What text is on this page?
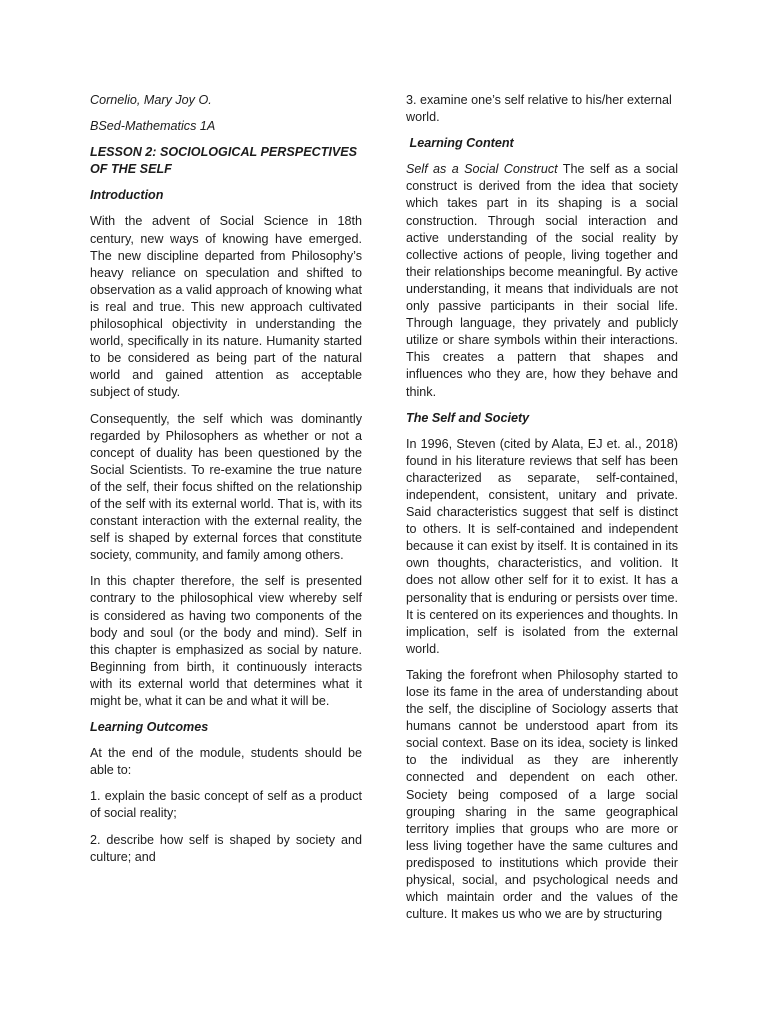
Cornelio, Mary Joy O.

BSed-Mathematics 1A

LESSON 2: SOCIOLOGICAL PERSPECTIVES OF THE SELF

Introduction

With the advent of Social Science in 18th century, new ways of knowing have emerged. The new discipline departed from Philosophy’s heavy reliance on speculation and shifted to observation as a valid approach of knowing what is real and true. This new approach cultivated philosophical objectivity in understanding the world, specifically in its nature. Humanity started to be considered as being part of the natural world and gained attention as acceptable subject of study.

Consequently, the self which was dominantly regarded by Philosophers as whether or not a concept of duality has been questioned by the Social Scientists. To re-examine the true nature of the self, their focus shifted on the relationship of the self with its external world. That is, with its constant interaction with the external reality, the self is shaped by external forces that constitute society, community, and family among others.

In this chapter therefore, the self is presented contrary to the philosophical view whereby self is considered as having two components of the body and soul (or the body and mind). Self in this chapter is emphasized as social by nature. Beginning from birth, it continuously interacts with its external world that determines what it might be, what it can be and what it will be.

Learning Outcomes

At the end of the module, students should be able to:

1. explain the basic concept of self as a product of social reality;

2. describe how self is shaped by society and culture; and

3. examine one’s self relative to his/her external world.

Learning Content

Self as a Social Construct The self as a social construct is derived from the idea that society which takes part in its shaping is a social construction. Through social interaction and active understanding of the social reality by collective actions of people, living together and their relationships become meaningful. By active understanding, it means that individuals are not only passive participants in their social life. Through language, they privately and publicly utilize or share symbols within their interactions. This creates a pattern that shapes and influences who they are, how they behave and think.

The Self and Society

In 1996, Steven (cited by Alata, EJ et. al., 2018) found in his literature reviews that self has been characterized as separate, self-contained, independent, consistent, unitary and private. Said characteristics suggest that self is distinct to others. It is self-contained and independent because it can exist by itself. It is contained in its own thoughts, characteristics, and volition. It does not allow other self for it to exist. It has a personality that is enduring or persists over time. It is centered on its experiences and thoughts. In implication, self is isolated from the external world.

Taking the forefront when Philosophy started to lose its fame in the area of understanding about the self, the discipline of Sociology asserts that humans cannot be understood apart from its social context. Base on its idea, society is linked to the individual as they are inherently connected and dependent on each other. Society being composed of a large social grouping sharing in the same geographical territory implies that groups who are more or less living together have the same cultures and predisposed to institutions which provide their physical, social, and psychological needs and which maintain order and the values of the culture. It makes us who we are by structuring
